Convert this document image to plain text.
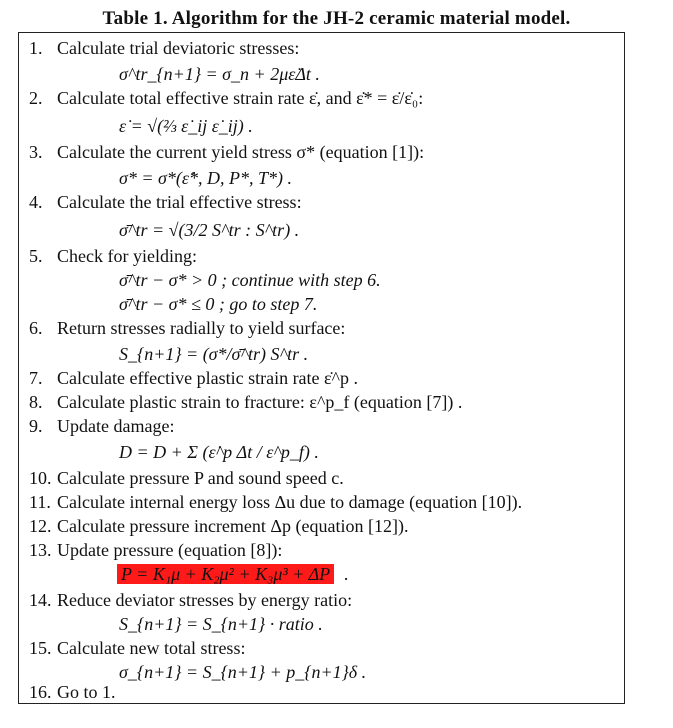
Table 1. Algorithm for the JH-2 ceramic material model.
1. Calculate trial deviatoric stresses:
σ^tr_{n+1} = σ_n + 2με̇Δt .
2. Calculate total effective strain rate ε̇, and ε̇* = ε̇/ε̇₀:
ε̇ = √(⅔ ε̇_ij ε̇_ij) .
3. Calculate the current yield stress σ* (equation [1]):
σ* = σ*(ε̇*, D, P*, T*) .
4. Calculate the trial effective stress:
σ̄^tr = √(3/2 S^tr : S^tr) .
5. Check for yielding:
σ̄^tr − σ* > 0 ; continue with step 6.
σ̄^tr − σ* ≤ 0 ; go to step 7.
6. Return stresses radially to yield surface:
S_{n+1} = (σ*/σ̄^tr) S^tr .
7. Calculate effective plastic strain rate ε̇^p .
8. Calculate plastic strain to fracture: ε^p_f (equation [7]) .
9. Update damage:
D = D + Σ (ε̇^p Δt / ε^p_f) .
10. Calculate pressure P and sound speed c.
11. Calculate internal energy loss Δu due to damage (equation [10]).
12. Calculate pressure increment Δp (equation [12]).
13. Update pressure (equation [8]):
P = K₁μ + K₂μ² + K₃μ³ + ΔP .
14. Reduce deviator stresses by energy ratio:
S_{n+1} = S_{n+1} · ratio .
15. Calculate new total stress:
σ_{n+1} = S_{n+1} + p_{n+1}δ .
16. Go to 1.
